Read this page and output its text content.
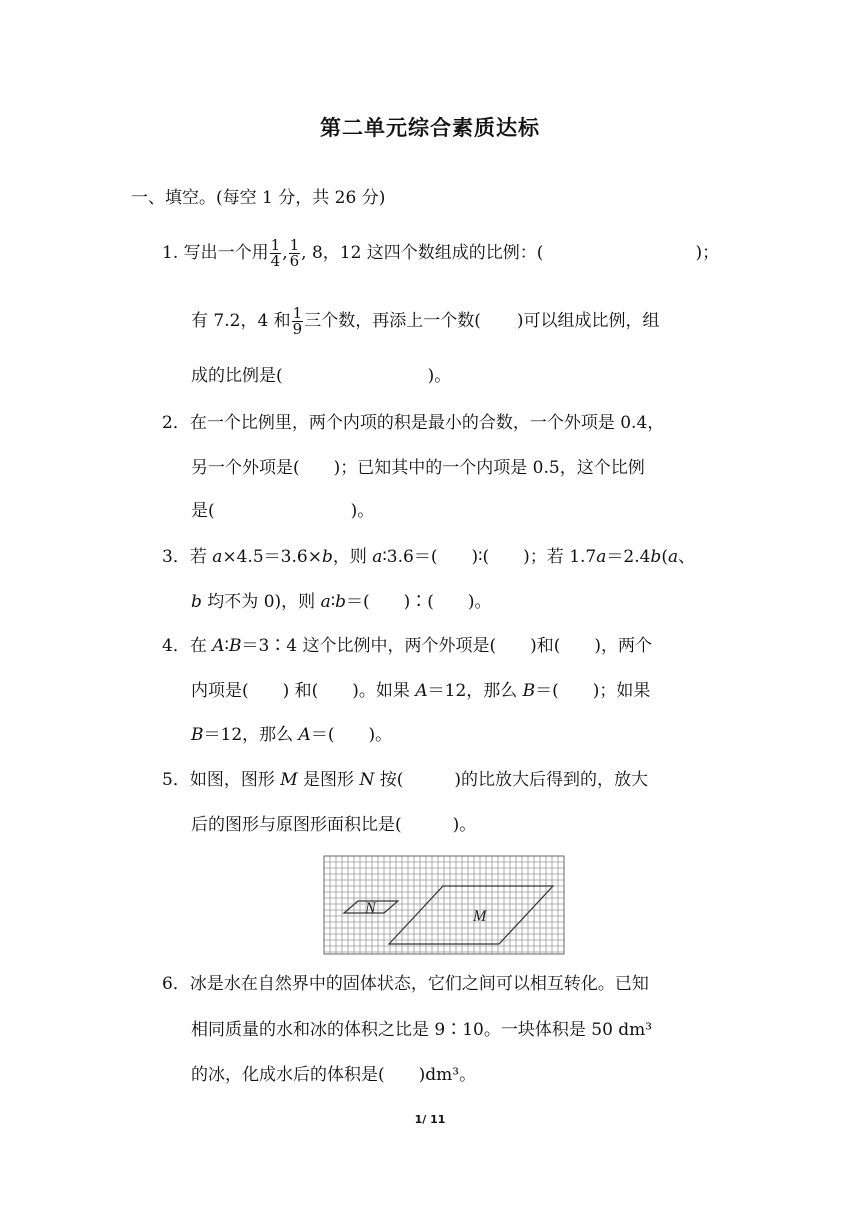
第二单元综合素质达标
一、填空。(每空 1 分，共 26 分)
1. 写出一个用 $\frac{1}{4}$ , $\frac{1}{6}$ , 8，12 这四个数组成的比例：(	)；
有 7.2，4 和 $\frac{1}{9}$ 三个数，再添上一个数( )可以组成比例，组
成的比例是(	)。
2．在一个比例里，两个内项的积是最小的合数，一个外项是 0.4，
另一个外项是(　　)；已知其中的一个内项是 0.5，这个比例
是(　　　　　　　　)。
3．若 a×4.5＝3.6×b，则 a∶3.6＝(　　)∶(　　)；若 1.7a＝2.4b(a、
b 均不为 0)，则 a∶b＝(　　)∶(　　)。
4．在 A∶B＝3∶4 这个比例中，两个外项是(　　)和(　　)，两个
内项是(　　) 和(　　)。如果 A＝12，那么 B＝(　　)；如果
B＝12，那么 A＝(　　)。
5．如图，图形 M 是图形 N 按(　　　)的比放大后得到的，放大
后的图形与原图形面积比是(　　　)。
N	M
6．冰是水在自然界中的固体状态，它们之间可以相互转化。已知
相同质量的水和冰的体积之比是 9∶10。一块体积是 50 dm³
的冰，化成水后的体积是(　　)dm³。
1/ 11
